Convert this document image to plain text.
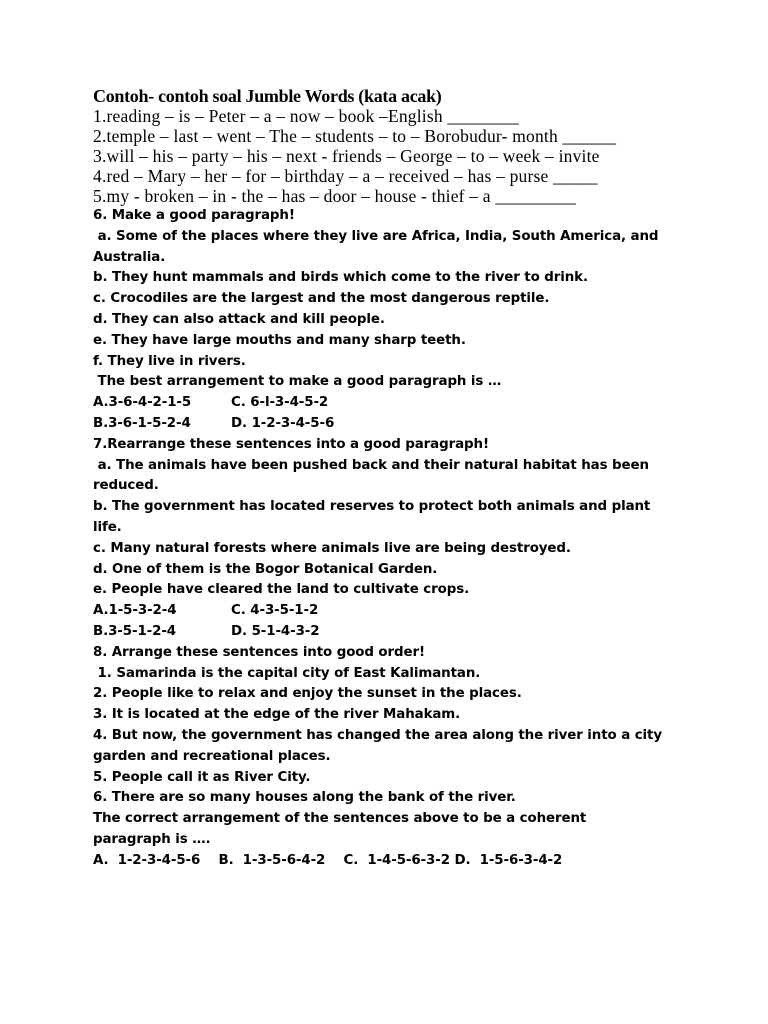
Contoh- contoh soal Jumble Words (kata acak)

1.reading – is – Peter – a – now – book –English ________

2.temple – last – went – The – students – to – Borobudur- month ______

3.will – his – party – his – next - friends – George – to – week – invite

4.red – Mary – her – for – birthday – a – received – has – purse _____

5.my - broken – in - the – has – door – house - thief – a _________

6. Make a good paragraph!

a. Some of the places where they live are Africa, India, South America, and Australia.

b. They hunt mammals and birds which come to the river to drink.

c. Crocodiles are the largest and the most dangerous reptile.

d. They can also attack and kill people.

e. They have large mouths and many sharp teeth.

f. They live in rivers.

The best arrangement to make a good paragraph is …

A.3-6-4-2-1-5	C. 6-l-3-4-5-2
B.3-6-1-5-2-4	D. 1-2-3-4-5-6

7.Rearrange these sentences into a good paragraph!

a. The animals have been pushed back and their natural habitat has been reduced.

b. The government has located reserves to protect both animals and plant life.

c. Many natural forests where animals live are being destroyed.

d. One of them is the Bogor Botanical Garden.

e. People have cleared the land to cultivate crops.

A.1-5-3-2-4	C. 4-3-5-1-2
B.3-5-1-2-4	D. 5-1-4-3-2

8. Arrange these sentences into good order!

1. Samarinda is the capital city of East Kalimantan.

2. People like to relax and enjoy the sunset in the places.

3. It is located at the edge of the river Mahakam.

4. But now, the government has changed the area along the river into a city garden and recreational places.

5. People call it as River City.

6. There are so many houses along the bank of the river.

The correct arrangement of the sentences above to be a coherent paragraph is ….

A.  1-2-3-4-5-6    B.  1-3-5-6-4-2    C.  1-4-5-6-3-2 D.  1-5-6-3-4-2
